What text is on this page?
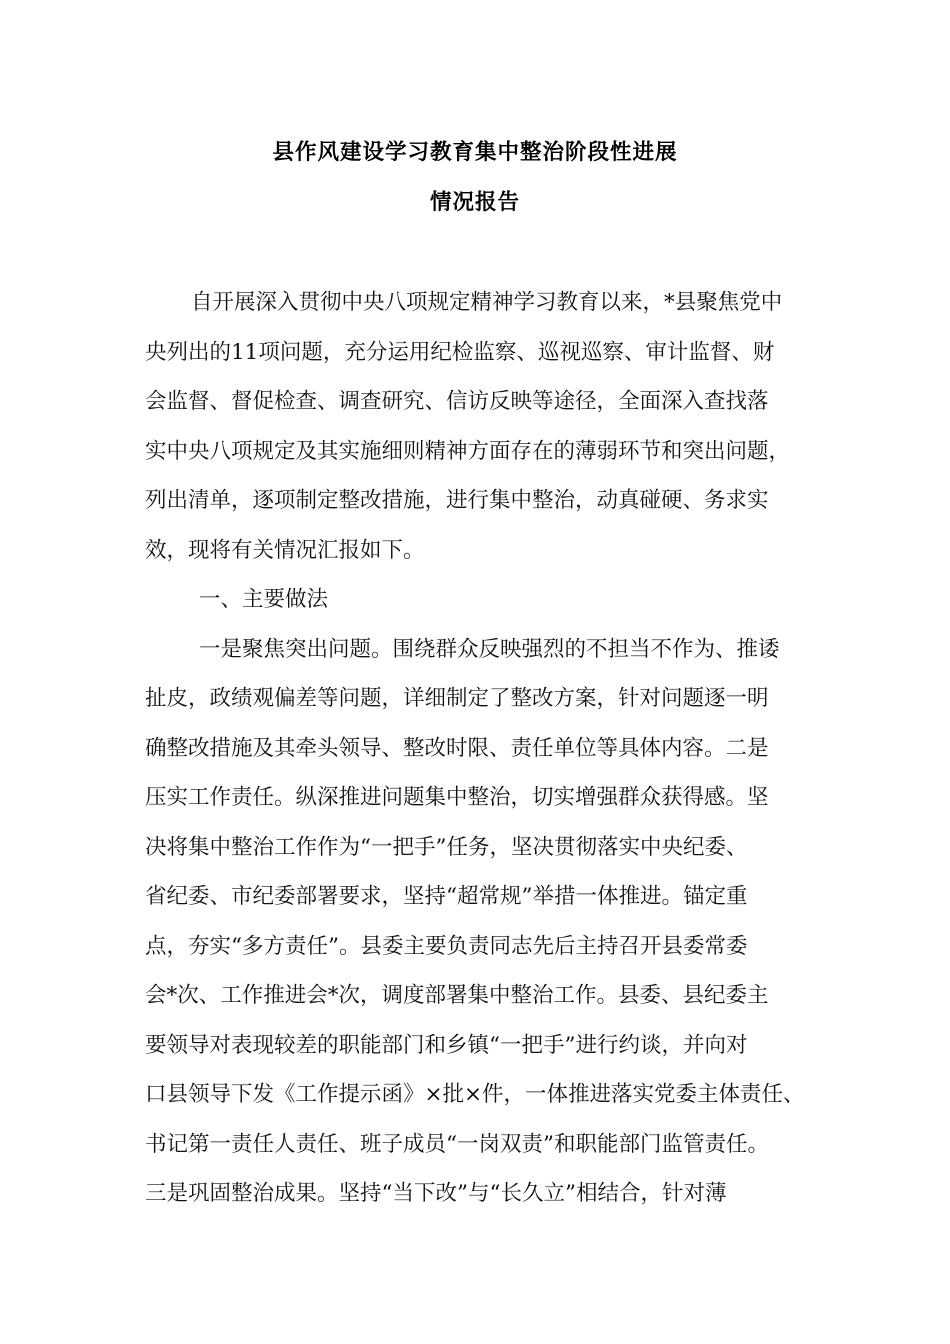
县作风建设学习教育集中整治阶段性进展
情况报告
自开展深入贯彻中央八项规定精神学习教育以来，*县聚焦党中
央列出的11项问题，充分运用纪检监察、巡视巡察、审计监督、财
会监督、督促检查、调查研究、信访反映等途径，全面深入查找落
实中央八项规定及其实施细则精神方面存在的薄弱环节和突出问题，
列出清单，逐项制定整改措施，进行集中整治，动真碰硬、务求实
效，现将有关情况汇报如下。
一、主要做法
一是聚焦突出问题。围绕群众反映强烈的不担当不作为、推诿
扯皮，政绩观偏差等问题，详细制定了整改方案，针对问题逐一明
确整改措施及其牵头领导、整改时限、责任单位等具体内容。二是
压实工作责任。纵深推进问题集中整治，切实增强群众获得感。坚
决将集中整治工作作为“一把手”任务，坚决贯彻落实中央纪委、
省纪委、市纪委部署要求，坚持“超常规”举措一体推进。锚定重
点，夯实“多方责任”。县委主要负责同志先后主持召开县委常委
会*次、工作推进会*次，调度部署集中整治工作。县委、县纪委主
要领导对表现较差的职能部门和乡镇“一把手”进行约谈，并向对
口县领导下发《工作提示函》×批×件，一体推进落实党委主体责任、
书记第一责任人责任、班子成员“一岗双责”和职能部门监管责任。
三是巩固整治成果。坚持“当下改”与“长久立”相结合，针对薄
